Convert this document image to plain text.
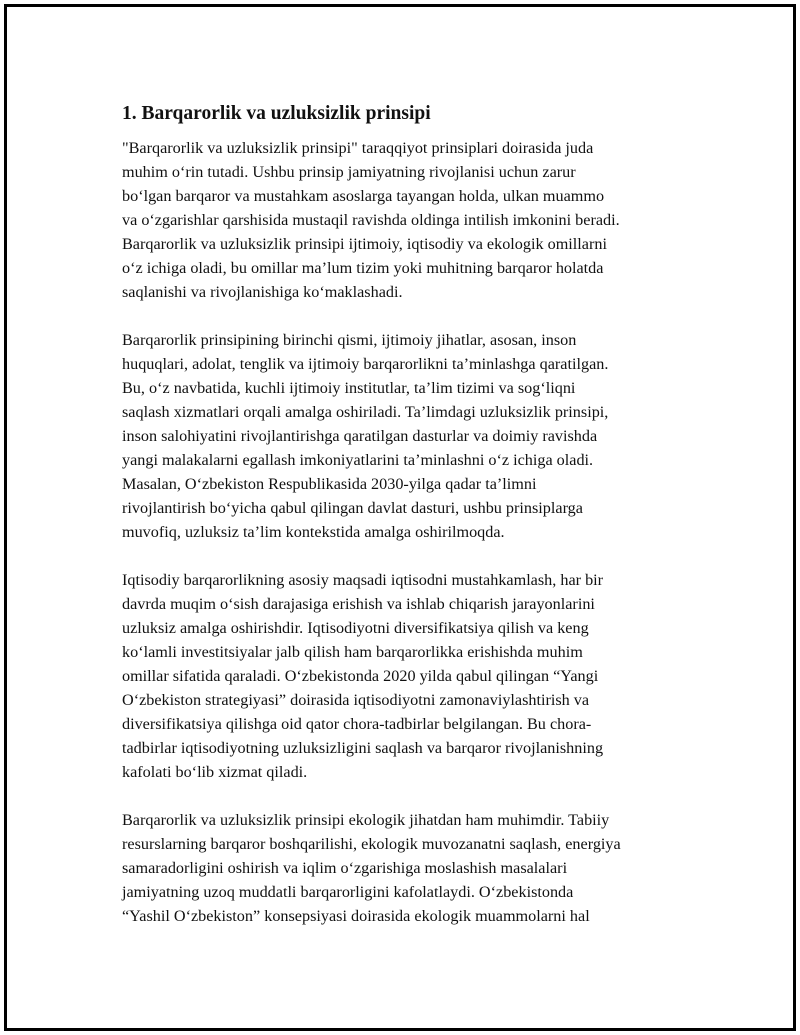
1. Barqarorlik va uzluksizlik prinsipi

"Barqarorlik va uzluksizlik prinsipi" taraqqiyot prinsiplari doirasida juda
muhim oʻrin tutadi. Ushbu prinsip jamiyatning rivojlanisi uchun zarur
boʻlgan barqaror va mustahkam asoslarga tayangan holda, ulkan muammo
va oʻzgarishlar qarshisida mustaqil ravishda oldinga intilish imkonini beradi.
Barqarorlik va uzluksizlik prinsipi ijtimoiy, iqtisodiy va ekologik omillarni
oʻz ichiga oladi, bu omillar maʼlum tizim yoki muhitning barqaror holatda
saqlanishi va rivojlanishiga koʻmaklashadi.

Barqarorlik prinsipining birinchi qismi, ijtimoiy jihatlar, asosan, inson
huquqlari, adolat, tenglik va ijtimoiy barqarorlikni taʼminlashga qaratilgan.
Bu, oʻz navbatida, kuchli ijtimoiy institutlar, taʼlim tizimi va sogʻliqni
saqlash xizmatlari orqali amalga oshiriladi. Taʼlimdagi uzluksizlik prinsipi,
inson salohiyatini rivojlantirishga qaratilgan dasturlar va doimiy ravishda
yangi malakalarni egallash imkoniyatlarini taʼminlashni oʻz ichiga oladi.
Masalan, Oʻzbekiston Respublikasida 2030-yilga qadar taʼlimni
rivojlantirish boʻyicha qabul qilingan davlat dasturi, ushbu prinsiplarga
muvofiq, uzluksiz taʼlim kontekstida amalga oshirilmoqda.

Iqtisodiy barqarorlikning asosiy maqsadi iqtisodni mustahkamlash, har bir
davrda muqim oʻsish darajasiga erishish va ishlab chiqarish jarayonlarini
uzluksiz amalga oshirishdir. Iqtisodiyotni diversifikatsiya qilish va keng
koʻlamli investitsiyalar jalb qilish ham barqarorlikka erishishda muhim
omillar sifatida qaraladi. Oʻzbekistonda 2020 yilda qabul qilingan “Yangi
Oʻzbekiston strategiyasi” doirasida iqtisodiyotni zamonaviylashtirish va
diversifikatsiya qilishga oid qator chora-tadbirlar belgilangan. Bu chora-
tadbirlar iqtisodiyotning uzluksizligini saqlash va barqaror rivojlanishning
kafolati boʻlib xizmat qiladi.

Barqarorlik va uzluksizlik prinsipi ekologik jihatdan ham muhimdir. Tabiiy
resurslarning barqaror boshqarilishi, ekologik muvozanatni saqlash, energiya
samaradorligini oshirish va iqlim oʻzgarishiga moslashish masalalari
jamiyatning uzoq muddatli barqarorligini kafolatlaydi. Oʻzbekistonda
“Yashil Oʻzbekiston” konsepsiyasi doirasida ekologik muammolarni hal
